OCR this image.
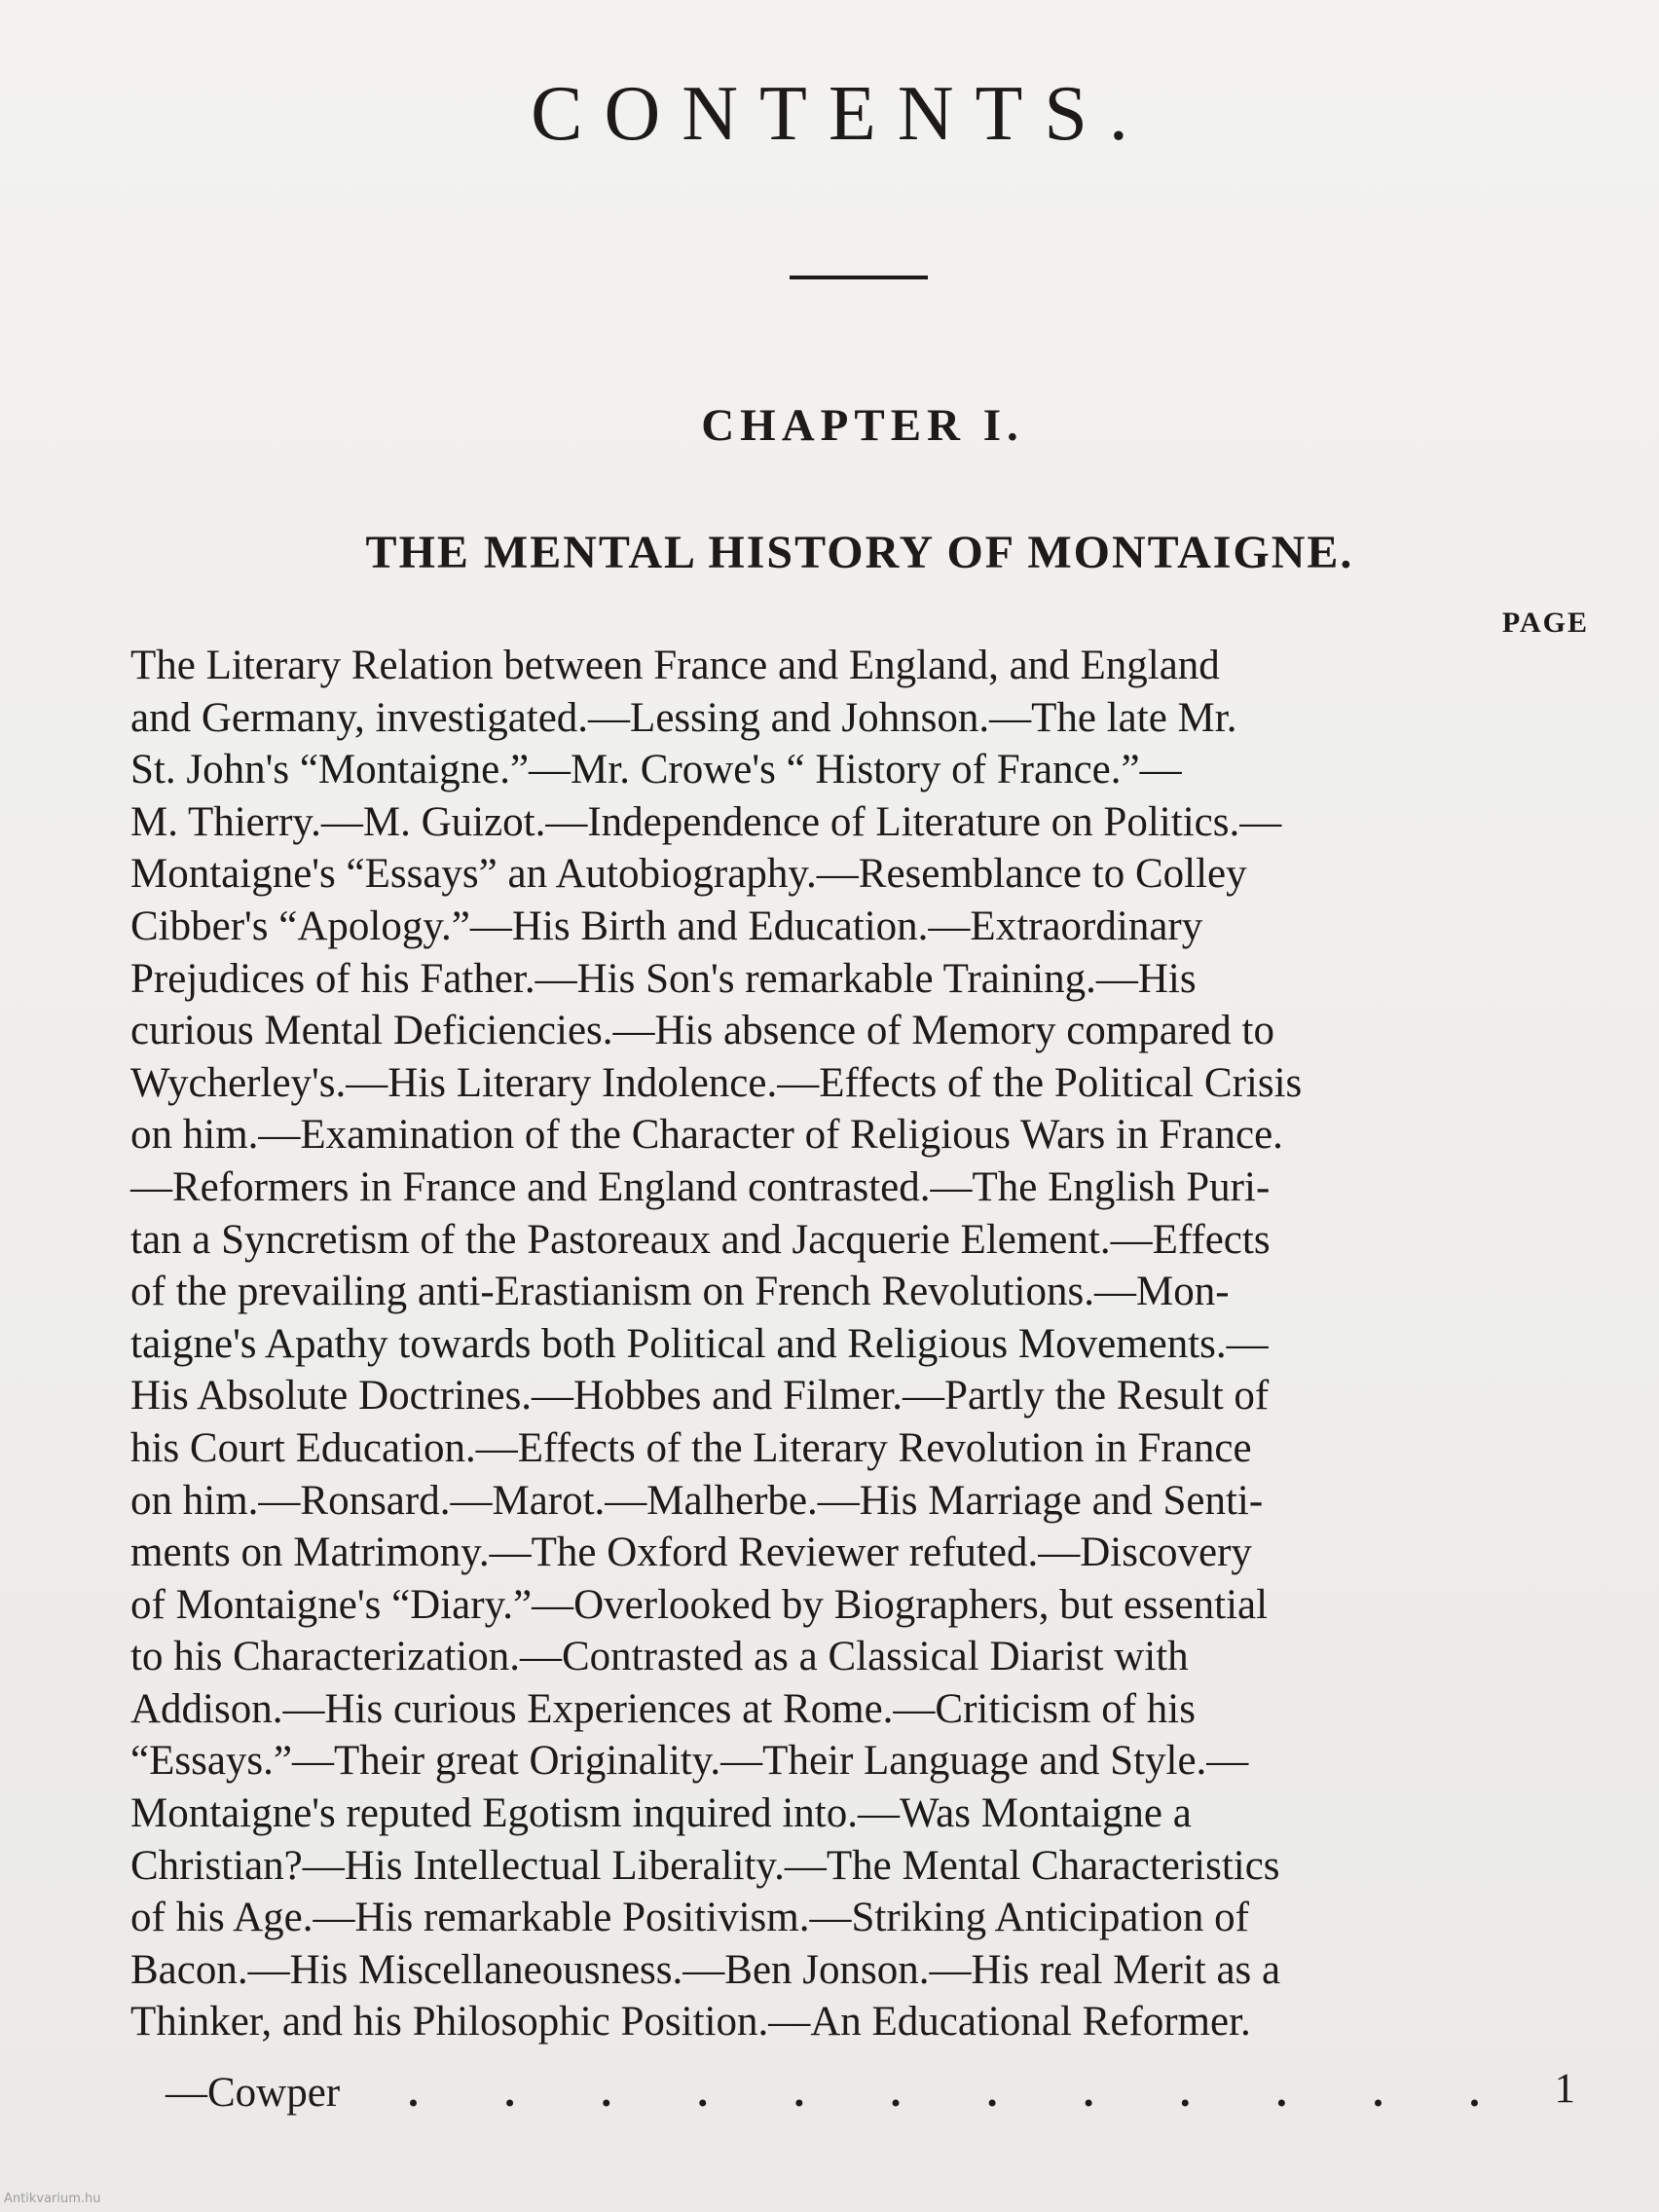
CONTENTS.
CHAPTER I.
THE MENTAL HISTORY OF MONTAIGNE.
PAGE

The Literary Relation between France and England, and England
and Germany, investigated.—Lessing and Johnson.—The late Mr.
St. John's “Montaigne.”—Mr. Crowe's “ History of France.”—
M. Thierry.—M. Guizot.—Independence of Literature on Politics.—
Montaigne's “Essays” an Autobiography.—Resemblance to Colley
Cibber's “Apology.”—His Birth and Education.—Extraordinary
Prejudices of his Father.—His Son's remarkable Training.—His
curious Mental Deficiencies.—His absence of Memory compared to
Wycherley's.—His Literary Indolence.—Effects of the Political Crisis
on him.—Examination of the Character of Religious Wars in France.
—Reformers in France and England contrasted.—The English Puri-
tan a Syncretism of the Pastoreaux and Jacquerie Element.—Effects
of the prevailing anti-Erastianism on French Revolutions.—Mon-
taigne's Apathy towards both Political and Religious Movements.—
His Absolute Doctrines.—Hobbes and Filmer.—Partly the Result of
his Court Education.—Effects of the Literary Revolution in France
on him.—Ronsard.—Marot.—Malherbe.—His Marriage and Senti-
ments on Matrimony.—The Oxford Reviewer refuted.—Discovery
of Montaigne's “Diary.”—Overlooked by Biographers, but essential
to his Characterization.—Contrasted as a Classical Diarist with
Addison.—His curious Experiences at Rome.—Criticism of his
“Essays.”—Their great Originality.—Their Language and Style.—
Montaigne's reputed Egotism inquired into.—Was Montaigne a
Christian?—His Intellectual Liberality.—The Mental Characteristics
of his Age.—His remarkable Positivism.—Striking Anticipation of
Bacon.—His Miscellaneousness.—Ben Jonson.—His real Merit as a
Thinker, and his Philosophic Position.—An Educational Reformer.

—Cowper . . . . . . . . . . . . 1
Antikvarium.hu
